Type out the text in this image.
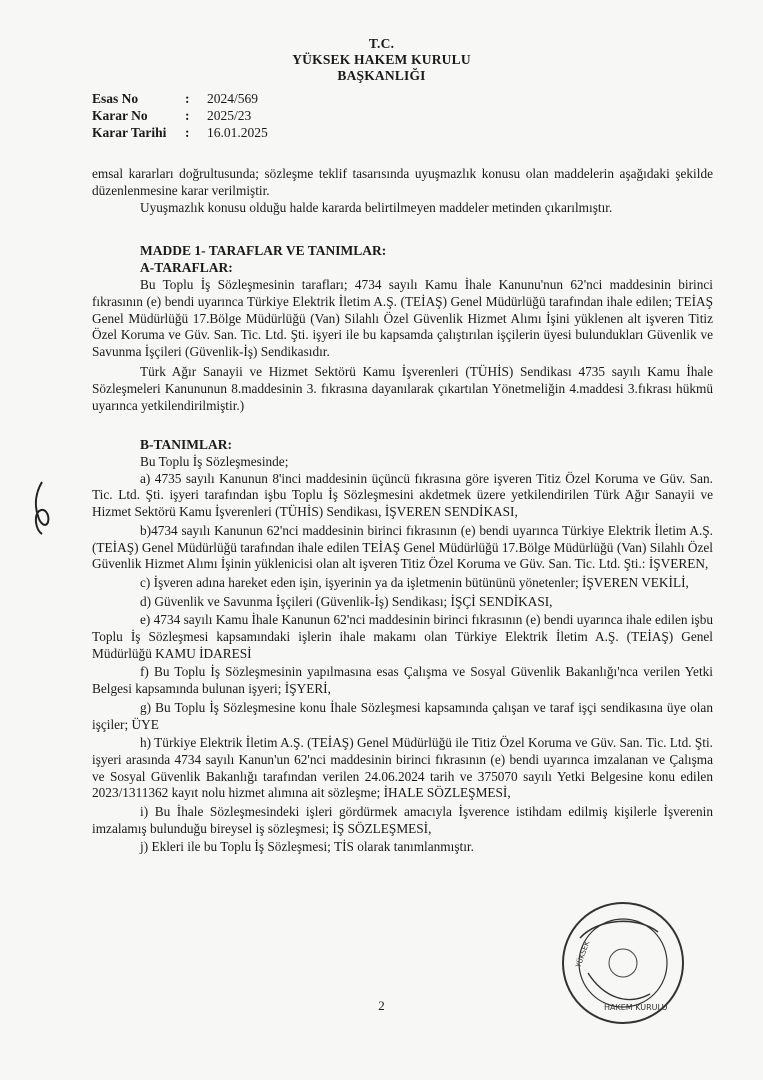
T.C.
YÜKSEK HAKEM KURULU
BAŞKANLIĞI
Esas No	:	2024/569
Karar No	:	2025/23
Karar Tarihi	:	16.01.2025
emsal kararları doğrultusunda; sözleşme teklif tasarısında uyuşmazlık konusu olan maddelerin aşağıdaki şekilde düzenlenmesine karar verilmiştir.
Uyuşmazlık konusu olduğu halde kararda belirtilmeyen maddeler metinden çıkarılmıştır.
MADDE 1- TARAFLAR VE TANIMLAR:
A-TARAFLAR:
Bu Toplu İş Sözleşmesinin tarafları; 4734 sayılı Kamu İhale Kanunu'nun 62'nci maddesinin birinci fıkrasının (e) bendi uyarınca Türkiye Elektrik İletim A.Ş. (TEİAŞ) Genel Müdürlüğü tarafından ihale edilen; TEİAŞ Genel Müdürlüğü 17.Bölge Müdürlüğü (Van) Silahlı Özel Güvenlik Hizmet Alımı İşini yüklenen alt işveren Titiz Özel Koruma ve Güv. San. Tic. Ltd. Şti. işyeri ile bu kapsamda çalıştırılan işçilerin üyesi bulundukları Güvenlik ve Savunma İşçileri (Güvenlik-İş) Sendikasıdır.
Türk Ağır Sanayii ve Hizmet Sektörü Kamu İşverenleri (TÜHİS) Sendikası 4735 sayılı Kamu İhale Sözleşmeleri Kanununun 8.maddesinin 3. fıkrasına dayanılarak çıkartılan Yönetmeliğin 4.maddesi 3.fıkrası hükmü uyarınca yetkilendirilmiştir.)
B-TANIMLAR:
Bu Toplu İş Sözleşmesinde;
a) 4735 sayılı Kanunun 8'inci maddesinin üçüncü fıkrasına göre işveren Titiz Özel Koruma ve Güv. San. Tic. Ltd. Şti. işyeri tarafından işbu Toplu İş Sözleşmesini akdetmek üzere yetkilendirilen Türk Ağır Sanayii ve Hizmet Sektörü Kamu İşverenleri (TÜHİS) Sendikası, İŞVEREN SENDİKASI,
b)4734 sayılı Kanunun 62'nci maddesinin birinci fıkrasının (e) bendi uyarınca Türkiye Elektrik İletim A.Ş. (TEİAŞ) Genel Müdürlüğü tarafından ihale edilen TEİAŞ Genel Müdürlüğü 17.Bölge Müdürlüğü (Van) Silahlı Özel Güvenlik Hizmet Alımı İşinin yüklenicisi olan alt işveren Titiz Özel Koruma ve Güv. San. Tic. Ltd. Şti.: İŞVEREN,
c) İşveren adına hareket eden işin, işyerinin ya da işletmenin bütününü yönetenler; İŞVEREN VEKİLİ,
d) Güvenlik ve Savunma İşçileri (Güvenlik-İş) Sendikası; İŞÇİ SENDİKASI,
e) 4734 sayılı Kamu İhale Kanunun 62'nci maddesinin birinci fıkrasının (e) bendi uyarınca ihale edilen işbu Toplu İş Sözleşmesi kapsamındaki işlerin ihale makamı olan Türkiye Elektrik İletim A.Ş. (TEİAŞ) Genel Müdürlüğü KAMU İDARESİ
f) Bu Toplu İş Sözleşmesinin yapılmasına esas Çalışma ve Sosyal Güvenlik Bakanlığı'nca verilen Yetki Belgesi kapsamında bulunan işyeri; İŞYERİ,
g) Bu Toplu İş Sözleşmesine konu İhale Sözleşmesi kapsamında çalışan ve taraf işçi sendikasına üye olan işçiler; ÜYE
h) Türkiye Elektrik İletim A.Ş. (TEİAŞ) Genel Müdürlüğü ile Titiz Özel Koruma ve Güv. San. Tic. Ltd. Şti. işyeri arasında 4734 sayılı Kanun'un 62'nci maddesinin birinci fıkrasının (e) bendi uyarınca imzalanan ve Çalışma ve Sosyal Güvenlik Bakanlığı tarafından verilen 24.06.2024 tarih ve 375070 sayılı Yetki Belgesine konu edilen 2023/1311362 kayıt nolu hizmet alımına ait sözleşme; İHALE SÖZLEŞMESİ,
i) Bu İhale Sözleşmesindeki işleri gördürmek amacıyla İşverence istihdam edilmiş kişilerle İşverenin imzalamış bulunduğu bireysel iş sözleşmesi; İŞ SÖZLEŞMESİ,
j) Ekleri ile bu Toplu İş Sözleşmesi; TİS olarak tanımlanmıştır.
HAKEM KURULU
YÜKSEK
2
